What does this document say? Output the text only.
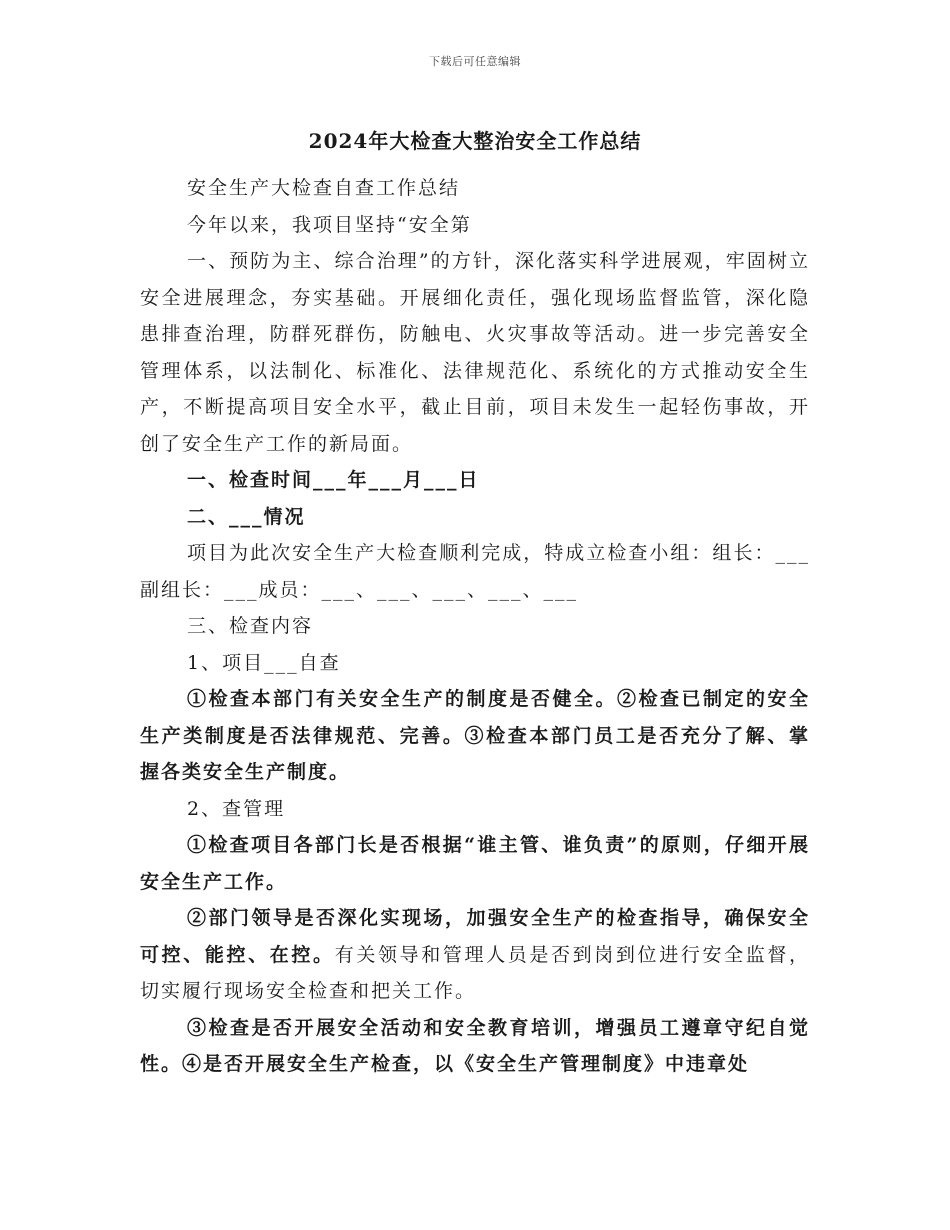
下载后可任意编辑
2024年大检查大整治安全工作总结

安全生产大检查自查工作总结

今年以来，我项目坚持“安全第

一、预防为主、综合治理”的方针，深化落实科学进展观，牢固树立安全进展理念，夯实基础。开展细化责任，强化现场监督监管，深化隐患排查治理，防群死群伤，防触电、火灾事故等活动。进一步完善安全管理体系，以法制化、标准化、法律规范化、系统化的方式推动安全生产，不断提高项目安全水平，截止目前，项目未发生一起轻伤事故，开创了安全生产工作的新局面。

一、检查时间___年___月___日

二、___情况

项目为此次安全生产大检查顺利完成，特成立检查小组：组长：___副组长：___成员：___、___、___、___、___

三、检查内容

1、项目___自查

①检查本部门有关安全生产的制度是否健全。②检查已制定的安全生产类制度是否法律规范、完善。③检查本部门员工是否充分了解、掌握各类安全生产制度。

2、查管理

①检查项目各部门长是否根据“谁主管、谁负责”的原则，仔细开展安全生产工作。

②部门领导是否深化实现场，加强安全生产的检查指导，确保安全可控、能控、在控。有关领导和管理人员是否到岗到位进行安全监督，切实履行现场安全检查和把关工作。

③检查是否开展安全活动和安全教育培训，增强员工遵章守纪自觉性。④是否开展安全生产检查，以《安全生产管理制度》中违章处
